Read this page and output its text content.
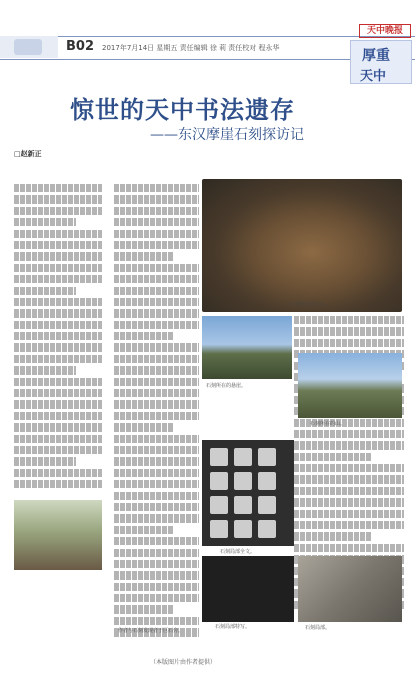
B02 2017年7月14日 星期五 责任编辑 徐 莉 责任校对 程永华
天中晚报
厚重
天中
惊世的天中书法遗存
——东汉摩崖石刻探访记
□赵新正
石刻所在的巨石。
石刻所在的悬崖。
石刻所在的山。
石刻局部全文。
石刻局部特写。	石刻局部。
作者与石刻发现者于巨石旁。
（本版图片由作者提供）
